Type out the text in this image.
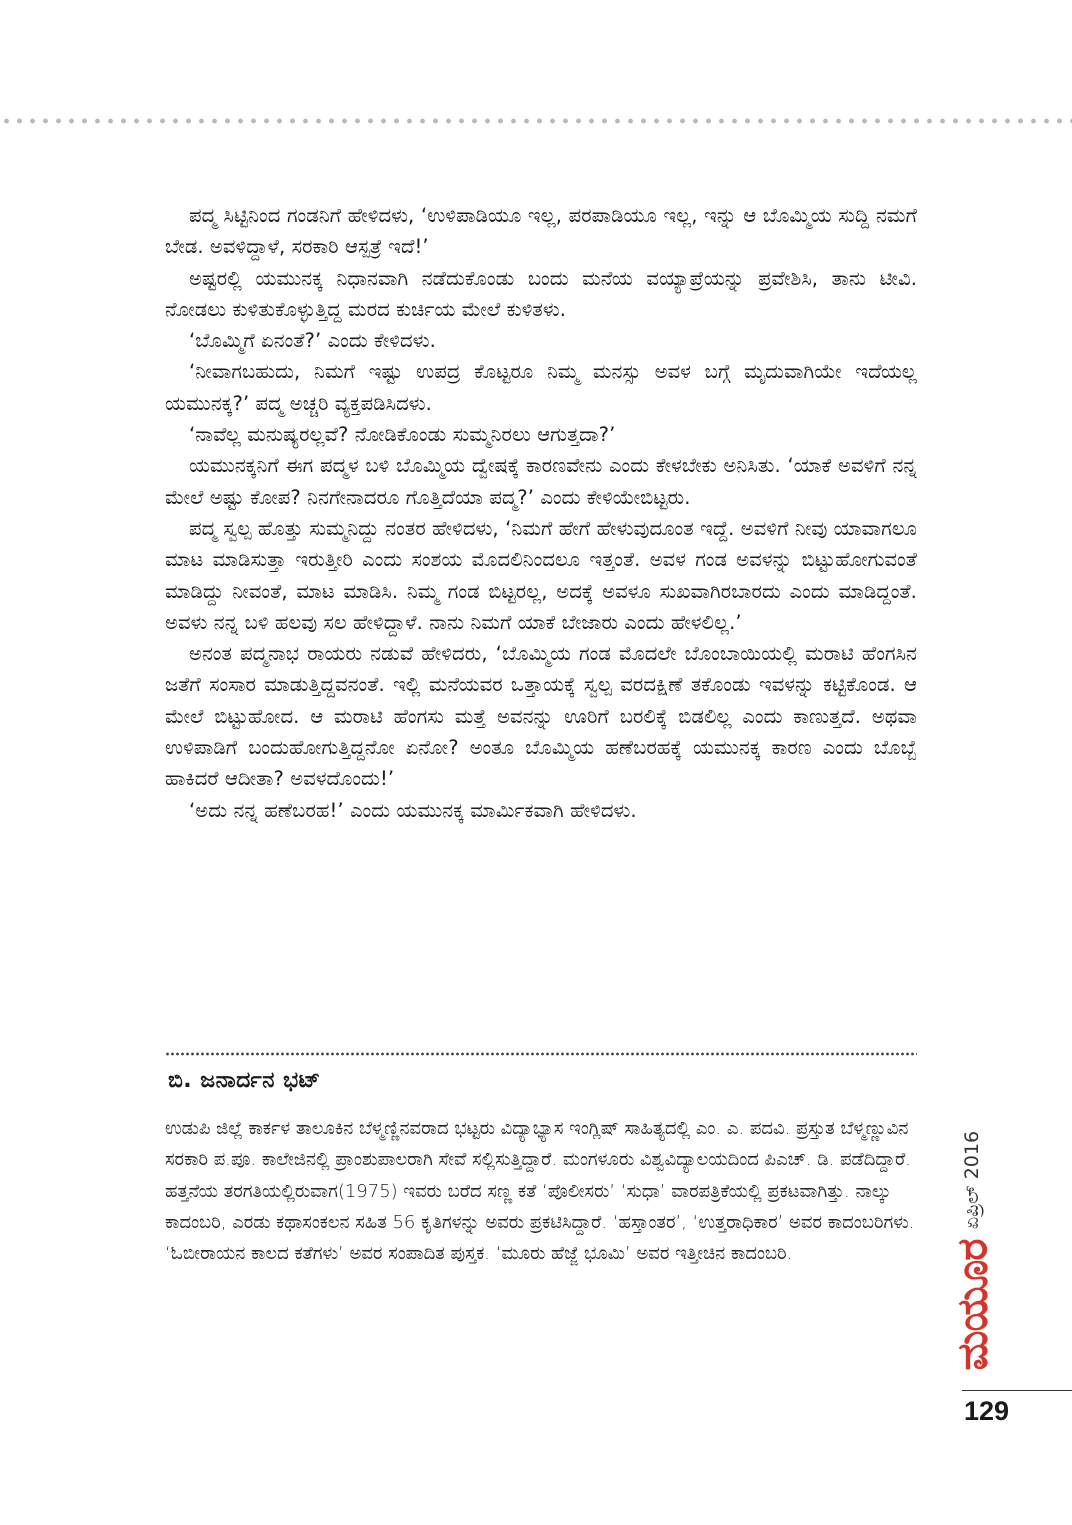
ಪದ್ಮ ಸಿಟ್ಟಿನಿಂದ ಗಂಡನಿಗೆ ಹೇಳಿದಳು, ‘ಉಳಿಪಾಡಿಯೂ ಇಲ್ಲ, ಪರಪಾಡಿಯೂ ಇಲ್ಲ, ಇನ್ನು ಆ ಬೊಮ್ಮಿಯ ಸುದ್ದಿ ನಮಗೆ ಬೇಡ. ಅವಳಿದ್ದಾಳೆ, ಸರಕಾರಿ ಆಸ್ಪತ್ರೆ ಇದೆ!’

ಅಷ್ಟರಲ್ಲಿ ಯಮುನಕ್ಕ ನಿಧಾನವಾಗಿ ನಡೆದುಕೊಂಡು ಬಂದು ಮನೆಯ ವಯ್ಯಾಪ್ರೆಯನ್ನು ಪ್ರವೇಶಿಸಿ, ತಾನು ಟೀವಿ. ನೋಡಲು ಕುಳಿತುಕೊಳ್ಳುತ್ತಿದ್ದ ಮರದ ಕುರ್ಚಿಯ ಮೇಲೆ ಕುಳಿತಳು.

‘ಬೊಮ್ಮಿಗೆ ಏನಂತೆ?’ ಎಂದು ಕೇಳಿದಳು.

‘ನೀವಾಗಬಹುದು, ನಿಮಗೆ ಇಷ್ಟು ಉಪದ್ರ ಕೊಟ್ಟರೂ ನಿಮ್ಮ ಮನಸ್ಸು ಅವಳ ಬಗ್ಗೆ ಮೃದುವಾಗಿಯೇ ಇದೆಯಲ್ಲ ಯಮುನಕ್ಕ?’ ಪದ್ಮ ಅಚ್ಚರಿ ವ್ಯಕ್ತಪಡಿಸಿದಳು.

‘ನಾವೆಲ್ಲ ಮನುಷ್ಯರಲ್ಲವೆ? ನೋಡಿಕೊಂಡು ಸುಮ್ಮನಿರಲು ಆಗುತ್ತದಾ?’

ಯಮುನಕ್ಕನಿಗೆ ಈಗ ಪದ್ಮಳ ಬಳಿ ಬೊಮ್ಮಿಯ ದ್ವೇಷಕ್ಕೆ ಕಾರಣವೇನು ಎಂದು ಕೇಳಬೇಕು ಅನಿಸಿತು. ‘ಯಾಕೆ ಅವಳಿಗೆ ನನ್ನ ಮೇಲೆ ಅಷ್ಟು ಕೋಪ? ನಿನಗೇನಾದರೂ ಗೊತ್ತಿದೆಯಾ ಪದ್ಮ?’ ಎಂದು ಕೇಳಿಯೇಬಿಟ್ಟರು.

ಪದ್ಮ ಸ್ವಲ್ಪ ಹೊತ್ತು ಸುಮ್ಮನಿದ್ದು ನಂತರ ಹೇಳಿದಳು, ‘ನಿಮಗೆ ಹೇಗೆ ಹೇಳುವುದೂಂತ ಇದ್ದೆ. ಅವಳಿಗೆ ನೀವು ಯಾವಾಗಲೂ ಮಾಟ ಮಾಡಿಸುತ್ತಾ ಇರುತ್ತೀರಿ ಎಂದು ಸಂಶಯ ಮೊದಲಿನಿಂದಲೂ ಇತ್ತಂತೆ. ಅವಳ ಗಂಡ ಅವಳನ್ನು ಬಿಟ್ಟುಹೋಗುವಂತೆ ಮಾಡಿದ್ದು ನೀವಂತೆ, ಮಾಟ ಮಾಡಿಸಿ. ನಿಮ್ಮ ಗಂಡ ಬಿಟ್ಟರಲ್ಲ, ಅದಕ್ಕೆ ಅವಳೂ ಸುಖವಾಗಿರಬಾರದು ಎಂದು ಮಾಡಿದ್ದಂತೆ. ಅವಳು ನನ್ನ ಬಳಿ ಹಲವು ಸಲ ಹೇಳಿದ್ದಾಳೆ. ನಾನು ನಿಮಗೆ ಯಾಕೆ ಬೇಜಾರು ಎಂದು ಹೇಳಲಿಲ್ಲ.’

ಅನಂತ ಪದ್ಮನಾಭ ರಾಯರು ನಡುವೆ ಹೇಳಿದರು, ‘ಬೊಮ್ಮಿಯ ಗಂಡ ಮೊದಲೇ ಬೊಂಬಾಯಿಯಲ್ಲಿ ಮರಾಟಿ ಹೆಂಗಸಿನ ಜತೆಗೆ ಸಂಸಾರ ಮಾಡುತ್ತಿದ್ದವನಂತೆ. ಇಲ್ಲಿ ಮನೆಯವರ ಒತ್ತಾಯಕ್ಕೆ ಸ್ವಲ್ಪ ವರದಕ್ಷಿಣೆ ತಕೊಂಡು ಇವಳನ್ನು ಕಟ್ಟಿಕೊಂಡ. ಆ ಮೇಲೆ ಬಿಟ್ಟುಹೋದ. ಆ ಮರಾಟಿ ಹೆಂಗಸು ಮತ್ತೆ ಅವನನ್ನು ಊರಿಗೆ ಬರಲಿಕ್ಕೆ ಬಿಡಲಿಲ್ಲ ಎಂದು ಕಾಣುತ್ತದೆ. ಅಥವಾ ಉಳಿಪಾಡಿಗೆ ಬಂದುಹೋಗುತ್ತಿದ್ದನೋ ಏನೋ? ಅಂತೂ ಬೊಮ್ಮಿಯ ಹಣೆಬರಹಕ್ಕೆ ಯಮುನಕ್ಕ ಕಾರಣ ಎಂದು ಬೊಬ್ಬೆ ಹಾಕಿದರೆ ಆದೀತಾ? ಅವಳದೊಂದು!’

‘ಅದು ನನ್ನ ಹಣೆಬರಹ!’ ಎಂದು ಯಮುನಕ್ಕ ಮಾರ್ಮಿಕವಾಗಿ ಹೇಳಿದಳು.

ಬಿ. ಜನಾರ್ದನ ಭಟ್

ಉಡುಪಿ ಜಿಲ್ಲೆ ಕಾರ್ಕಳ ತಾಲೂಕಿನ ಬೆಳ್ಮಣ್ಣಿನವರಾದ ಭಟ್ಟರು ವಿದ್ಯಾಭ್ಯಾಸ ಇಂಗ್ಲಿಷ್ ಸಾಹಿತ್ಯದಲ್ಲಿ ಎಂ. ಎ. ಪದವಿ. ಪ್ರಸ್ತುತ ಬೆಳ್ಮಣ್ಣುವಿನ ಸರಕಾರಿ ಪ.ಪೂ. ಕಾಲೇಜಿನಲ್ಲಿ ಪ್ರಾಂಶುಪಾಲರಾಗಿ ಸೇವೆ ಸಲ್ಲಿಸುತ್ತಿದ್ದಾರೆ. ಮಂಗಳೂರು ವಿಶ್ವವಿದ್ಯಾಲಯದಿಂದ ಪಿಎಚ್. ಡಿ. ಪಡೆದಿದ್ದಾರೆ.

ಹತ್ತನೆಯ ತರಗತಿಯಲ್ಲಿರುವಾಗ(1975) ಇವರು ಬರೆದ ಸಣ್ಣ ಕತೆ ‘ಪೊಲೀಸರು’ ‘ಸುಧಾ’ ವಾರಪತ್ರಿಕೆಯಲ್ಲಿ ಪ್ರಕಟವಾಗಿತ್ತು. ನಾಲ್ಕು ಕಾದಂಬರಿ, ಎರಡು ಕಥಾಸಂಕಲನ ಸಹಿತ 56 ಕೃತಿಗಳನ್ನು ಅವರು ಪ್ರಕಟಿಸಿದ್ದಾರೆ. ‘ಹಸ್ತಾಂತರ’, ‘ಉತ್ತರಾಧಿಕಾರ’ ಅವರ ಕಾದಂಬರಿಗಳು. ‘ಓಬೀರಾಯನ ಕಾಲದ ಕತೆಗಳು’ ಅವರ ಸಂಪಾದಿತ ಪುಸ್ತಕ. ‘ಮೂರು ಹೆಜ್ಜೆ ಭೂಮಿ’ ಅವರ ಇತ್ತೀಚಿನ ಕಾದಂಬರಿ.

ಏಪ್ರಿಲ್ 2016
ಮಯೂರ
129
